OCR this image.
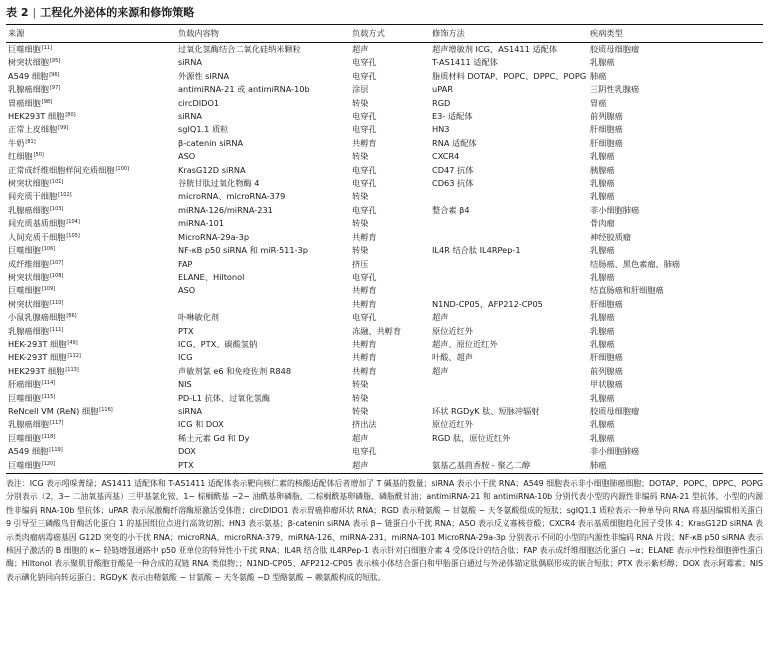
表 2 | 工程化外泌体的来源和修饰策略
来源	负载内容物	负载方式	修饰方法	疾病类型
巨噬细胞[11]	过氧化氢酶结合二氧化硅纳米颗粒	超声	超声增敏剂 ICG，AS1411 适配体	胶质母细胞瘤
树突状细胞[95]	siRNA	电穿孔	T-AS1411 适配体	乳腺癌
A549 细胞[96]	外源性 siRNA	电穿孔	脂质材料 DOTAP、POPC、DPPC、POPG	肺癌
乳腺癌细胞[97]	antimiRNA-21 或 antimiRNA-10b	涂层	uPAR	三阴性乳腺癌
胃癌细胞[98]	circDIDO1	转染	RGD	胃癌
HEK293T 细胞[80]	siRNA	电穿孔	E3- 适配体	前列腺癌
正常上皮细胞[99]	sgIQ1.1 质粒	电穿孔	HN3	肝细胞癌
牛奶[81]	β-catenin siRNA	共孵育	RNA 适配体	肝细胞癌
红细胞[50]	ASO	转染	CXCR4	乳腺癌
正常成纤维细胞样间充质细胞[100]	KrasG12D siRNA	电穿孔	CD47 抗体	胰腺癌
树突状细胞[101]	谷胱甘肽过氧化物酶 4	电穿孔	CD63 抗体	乳腺癌
间充质干细胞[102]	microRNA、microRNA-379	转染		乳腺癌
乳腺癌细胞[103]	miRNA-126/miRNA-231	电穿孔	整合素 β4	非小细胞肺癌
间充质基质细胞[104]	miRNA-101	转染		骨肉瘤
人间充质干细胞[105]	MicroRNA-29a-3p	共孵育		神经胶质瘤
巨噬细胞[106]	NF-κB p50 siRNA 和 miR-511-3p	转染	IL4R 结合肽 IL4RPep-1	乳腺癌
成纤维细胞[107]	FAP	挤压		结肠癌、黑色素瘤、肺癌
树突状细胞[108]	ELANE、Hiltonol	电穿孔		乳腺癌
巨噬细胞[109]	ASO	共孵育		结直肠癌和肝细胞癌
树突状细胞[110]		共孵育	N1ND-CP05、AFP212-CP05	肝细胞癌
小鼠乳腺癌细胞[86]	卟啉敏化剂	电穿孔	超声	乳腺癌
乳腺癌细胞[111]	PTX	冻融、共孵育	原位近红外	乳腺癌
HEK-293T 细胞[49]	ICG、PTX、碳酸氢钠	共孵育	超声、原位近红外	乳腺癌
HEK-293T 细胞[112]	ICG	共孵育	叶酸、超声	肝细胞癌
HEK293T 细胞[113]	声敏剂氯 e6 和免疫佐剂 R848	共孵育	超声	前列腺癌
肝癌细胞[114]	NIS	转染		甲状腺癌
巨噬细胞[115]	PD-L1 抗体、过氧化氢酶	转染		乳腺癌
ReNcell VM (ReN) 细胞[116]	siRNA	转染	环状 RGDyK 肽、短脉冲辐射	胶质母细胞瘤
乳腺癌细胞[117]	ICG 和 DOX	挤出法	原位近红外	乳腺癌
巨噬细胞[118]	稀土元素 Gd 和 Dy	超声	RGD 肽、原位近红外	乳腺癌
A549 细胞[119]	DOX	电穿孔		非小细胞肺癌
巨噬细胞[120]	PTX	超声	氨基乙基茴香胺 - 聚乙二醇	肺癌
表注：ICG 表示吲哚菁绿；AS1411 适配体和 T-AS1411 适配体表示靶向核仁素的核酸适配体后者增加了 T 碱基的数量；siRNA 表示小干扰 RNA；A549 细胞表示非小细胞肺癌细胞；DOTAP、POPC、DPPC、POPG 分别表示（2，3− 二油氧基丙基）三甲基氯化铵、1− 棕榈酰基 −2− 油酰基卵磷脂、二棕榈酰基卵磷脂、磷脂酰甘油；antimiRNA-21 和 antimiRNA-10b 分别代表小型的内源性非编码 RNA-21 型抗体，小型的内源性非编码 RNA-10b 型抗体；uPAR 表示尿激酶纤溶酶原激活受体胜；circDIDO1 表示胃癌抑瘤环状 RNA；RGD 表示精氨酸 − 甘氨酸 − 天冬氨酸组成的短肽；sgIQ1.1 质粒表示一种单导向 RNA 将基因编辑相关蛋白 9 引导至三磷酸鸟苷酶活化蛋白 1 的基因组位点进行高效切割；HN3 表示氨基；β-catenin siRNA 表示 β− 链蛋白小干扰 RNA；ASO 表示反义寡核苷酸；CXCR4 表示基质细胞趋化因子受体 4；KrasG12D siRNA 表示类肉瘤病毒癌基因 G12D 突变的小干扰 RNA；microRNA、microRNA-379、miRNA-126、miRNA-231、miRNA-101 MicroRNA-29a-3p 分别表示不同的小型的内源性非编码 RNA 片段；NF-κB p50 siRNA 表示核因子激活的 B 细胞的 κ− 轻链增强通路中 p50 亚单位的特异性小干扰 RNA；IL4R 结合肽 IL4RPep-1 表示针对白细胞介素 4 受体设计的结合肽；FAP 表示成纤维细胞活化蛋白 −α；ELANE 表示中性粒细胞弹性蛋白酶；Hiltonol 表示聚肌苷酸胞苷酸是一种合成的双链 RNA 类似物；；N1ND-CP05、AFP212-CP05 表示核小体结合蛋白和甲胎蛋白通过与外泌体锚定肽偶联形成的嵌合短肽；PTX 表示紫杉醇；DOX 表示阿霉素；NIS 表示碘化钠同向转运蛋白；RGDyK 表示由精氨酸 − 甘氨酸 − 天冬氨酸 −D 型酪氨酸 − 赖氨酸构成的短肽。
